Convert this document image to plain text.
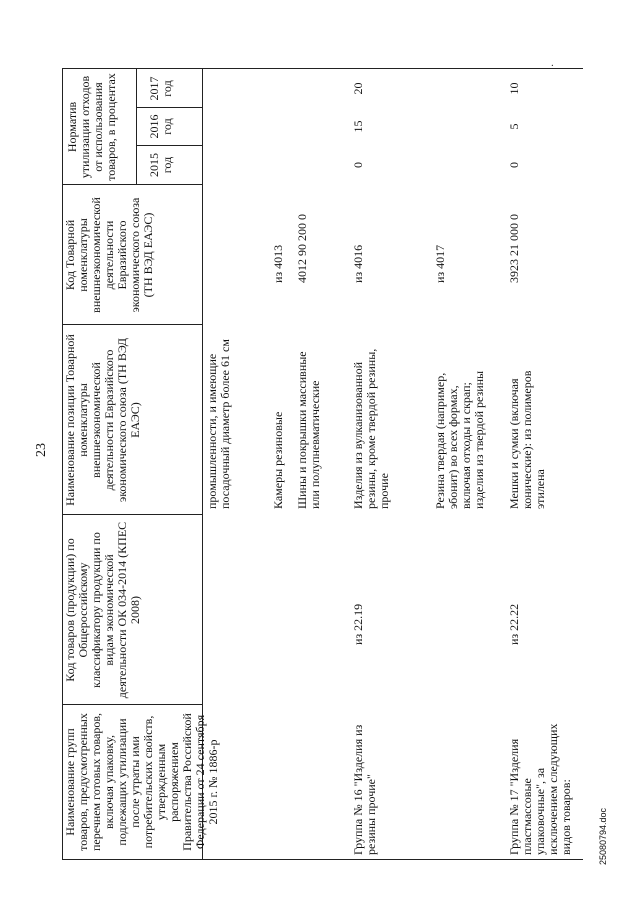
23
Наименование групп товаров, предусмотренных перечнем готовых товаров, включая упаковку, подлежащих утилизации после утраты ими потребительских свойств, утвержденным распоряжением Правительства Российской Федерации от 24 сентября 2015 г. № 1886-р
Код товаров (продукции) по Общероссийскому классификатору продукции по видам экономической деятельности ОК 034-2014 (КПЕС 2008)
Наименование позиции Товарной номенклатуры внешнеэкономической деятельности Евразийского экономического союза (ТН ВЭД ЕАЭС)
Код Товарной номенклатуры внешнеэкономической деятельности Евразийского экономического союза (ТН ВЭД ЕАЭС)
Норматив утилизации отходов от использования товаров, в процентах 2015 год
2016 год
2017 год
промышленности, и имеющие посадочный диаметр более 61 см	Камеры резиновые
из 4013
Шины и покрышки массивные или полупневматические
4012 90 200 0
Группа № 16 "Изделия из резины прочие"
из 22.19
Изделия из вулканизованной резины, кроме твердой резины, прочие
из 4016
0
15
20
Резина твердая (например, эбонит) во всех формах, включая отходы и скрап; изделия из твердой резины
из 4017
Группа № 17 "Изделия пластмассовые упаковочные", за исключением следующих видов товаров:
из 22.22
Мешки и сумки (включая конические): из полимеров этилена
3923 21 000 0
0
5
10
25080794.doc
·
